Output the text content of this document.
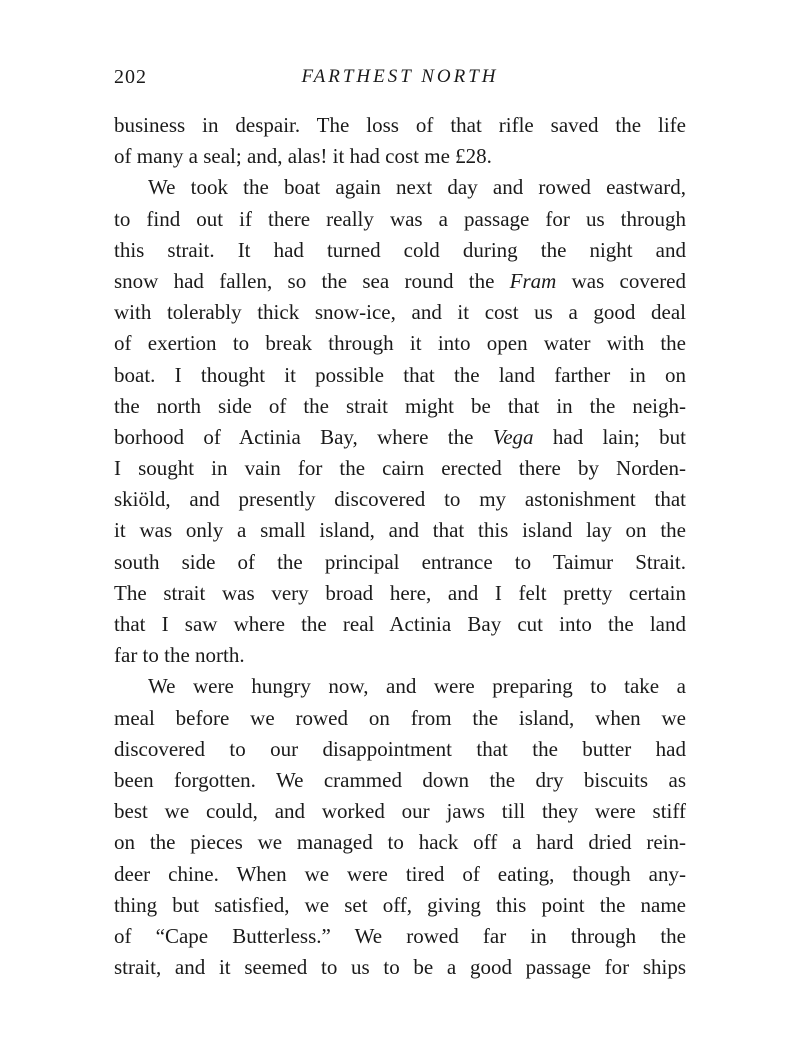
202	FARTHEST NORTH
business in despair. The loss of that rifle saved the life
of many a seal; and, alas! it had cost me £28.
We took the boat again next day and rowed eastward,
to find out if there really was a passage for us through
this strait. It had turned cold during the night and
snow had fallen, so the sea round the Fram was covered
with tolerably thick snow-ice, and it cost us a good deal
of exertion to break through it into open water with the
boat. I thought it possible that the land farther in on
the north side of the strait might be that in the neigh-
borhood of Actinia Bay, where the Vega had lain; but
I sought in vain for the cairn erected there by Norden-
skiöld, and presently discovered to my astonishment that
it was only a small island, and that this island lay on the
south side of the principal entrance to Taimur Strait.
The strait was very broad here, and I felt pretty certain
that I saw where the real Actinia Bay cut into the land
far to the north.
We were hungry now, and were preparing to take a
meal before we rowed on from the island, when we
discovered to our disappointment that the butter had
been forgotten. We crammed down the dry biscuits as
best we could, and worked our jaws till they were stiff
on the pieces we managed to hack off a hard dried rein-
deer chine. When we were tired of eating, though any-
thing but satisfied, we set off, giving this point the name
of “Cape Butterless.” We rowed far in through the
strait, and it seemed to us to be a good passage for ships
